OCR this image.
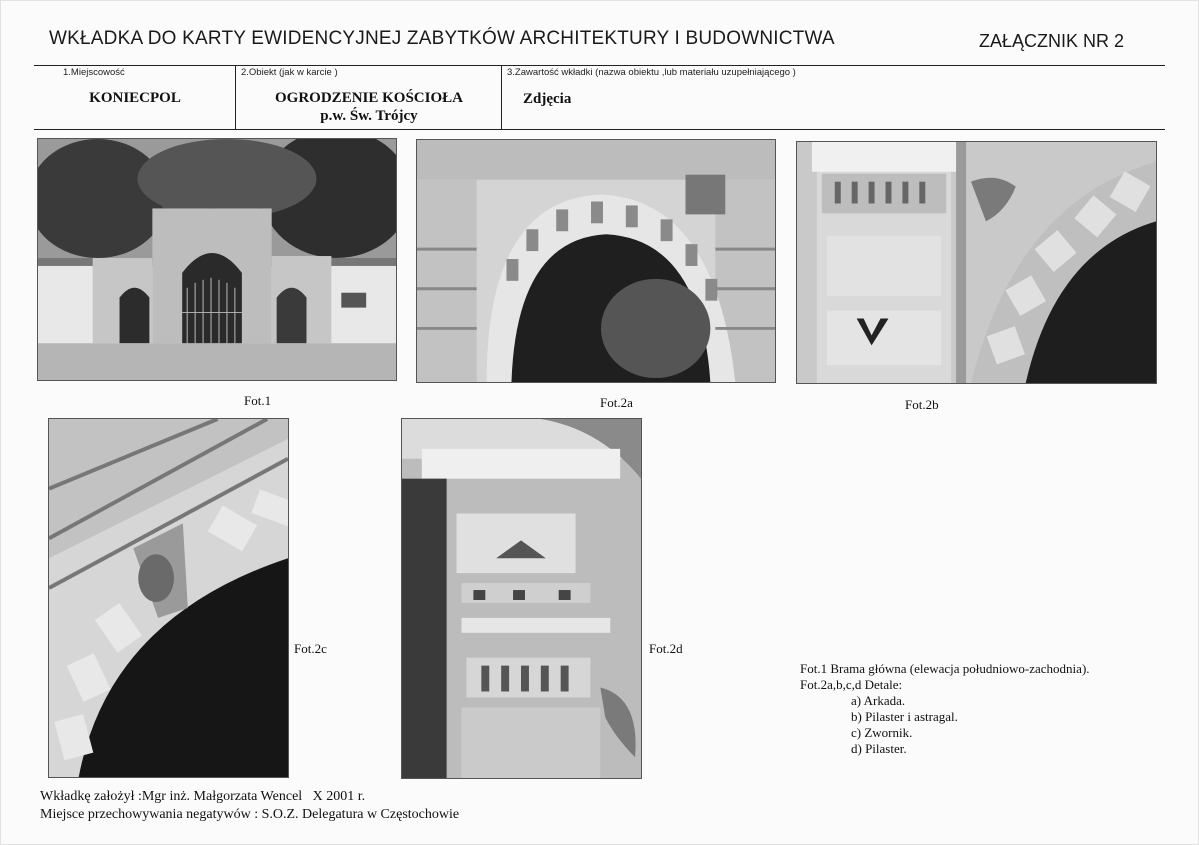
WKŁADKA DO KARTY EWIDENCYJNEJ ZABYTKÓW ARCHITEKTURY I BUDOWNICTWA	ZAŁĄCZNIK NR 2
1.Miejscowość
KONIECPOL
2.Obiekt (jak w karcie )
OGRODZENIE KOŚCIOŁA
p.w. Św. Trójcy
3.Zawartość wkładki (nazwa obiektu ,lub materiału uzupełniającego )
Zdjęcia
Fot.1	Fot.2a	Fot.2b
Fot.2c	Fot.2d
Fot.1 Brama główna (elewacja południowo-zachodnia).
Fot.2a,b,c,d Detale:
a) Arkada.
b) Pilaster i astragal.
c) Zwornik.
d) Pilaster.
Wkładkę założył :Mgr inż. Małgorzata Wencel   X 2001 r.
Miejsce przechowywania negatywów : S.O.Z. Delegatura w Częstochowie
